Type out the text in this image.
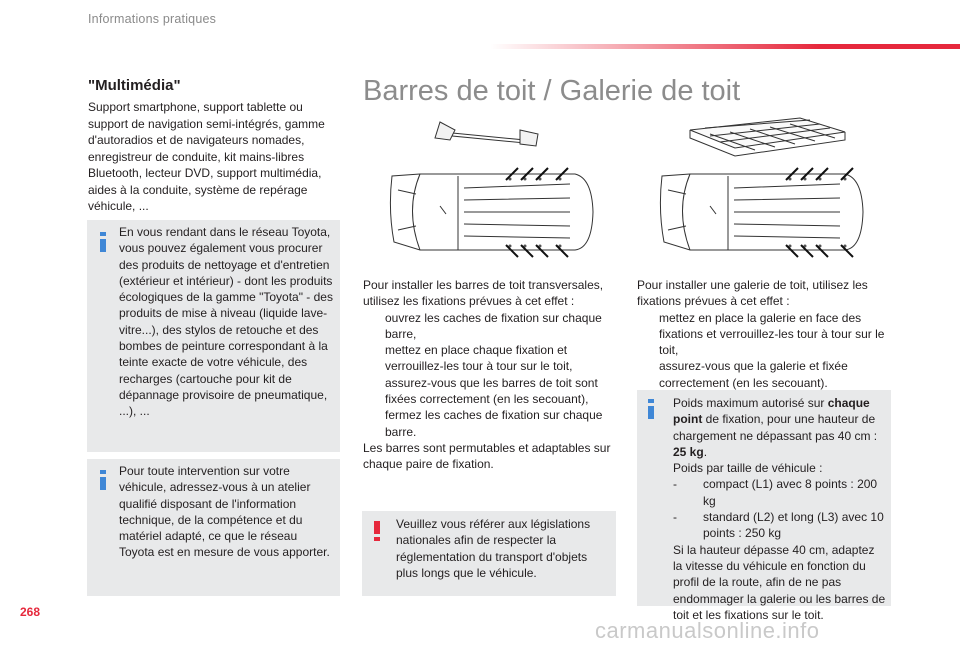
Informations pratiques
"Multimédia"
Support smartphone, support tablette ou support de navigation semi-intégrés, gamme d'autoradios et de navigateurs nomades, enregistreur de conduite, kit mains-libres Bluetooth, lecteur DVD, support multimédia, aides à la conduite, système de repérage véhicule, ...
En vous rendant dans le réseau Toyota, vous pouvez également vous procurer des produits de nettoyage et d'entretien (extérieur et intérieur) - dont les produits écologiques de la gamme "Toyota" - des produits de mise à niveau (liquide lave-vitre...), des stylos de retouche et des bombes de peinture correspondant à la teinte exacte de votre véhicule, des recharges (cartouche pour kit de dépannage provisoire de pneumatique, ...), ...
Pour toute intervention sur votre véhicule, adressez-vous à un atelier qualifié disposant de l'information technique, de la compétence et du matériel adapté, ce que le réseau Toyota est en mesure de vous apporter.
Barres de toit / Galerie de toit
Pour installer les barres de toit transversales, utilisez les fixations prévues à cet effet :
ouvrez les caches de fixation sur chaque barre,
mettez en place chaque fixation et verrouillez-les tour à tour sur le toit,
assurez-vous que les barres de toit sont fixées correctement (en les secouant),
fermez les caches de fixation sur chaque barre.
Les barres sont permutables et adaptables sur chaque paire de fixation.
Veuillez vous référer aux législations nationales afin de respecter la réglementation du transport d'objets plus longs que le véhicule.
Pour installer une galerie de toit, utilisez les fixations prévues à cet effet :
mettez en place la galerie en face des fixations et verrouillez-les tour à tour sur le toit,
assurez-vous que la galerie et fixée correctement (en les secouant).
Poids maximum autorisé sur chaque point de fixation, pour une hauteur de chargement ne dépassant pas 40 cm : 25 kg.
Poids par taille de véhicule :
- compact (L1) avec 8 points : 200 kg
- standard (L2) et long (L3) avec 10 points : 250 kg
Si la hauteur dépasse 40 cm, adaptez la vitesse du véhicule en fonction du profil de la route, afin de ne pas endommager la galerie ou les barres de toit et les fixations sur le toit.
268
carmanualsonline.info
